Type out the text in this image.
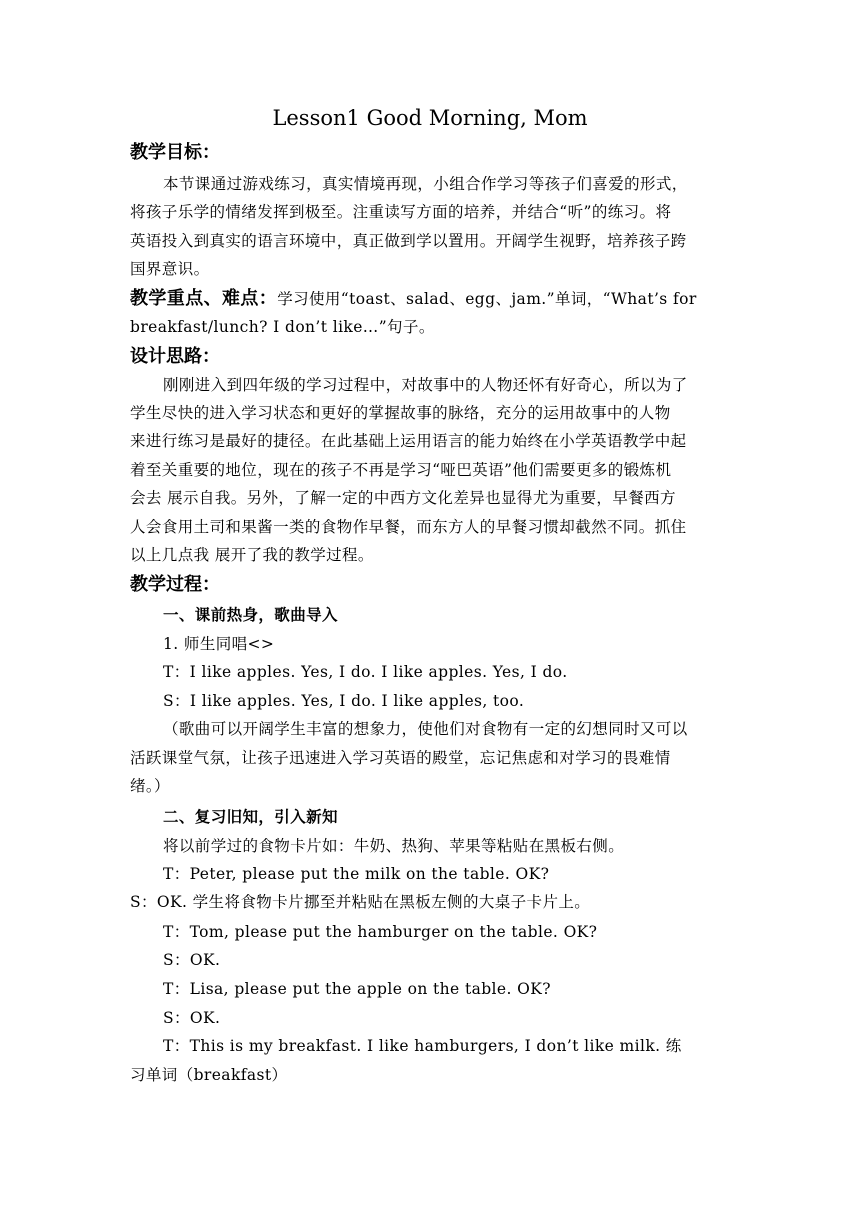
Lesson1 Good Morning, Mom
教学目标：
本节课通过游戏练习，真实情境再现，小组合作学习等孩子们喜爱的形式，
将孩子乐学的情绪发挥到极至。注重读写方面的培养，并结合“听”的练习。将
英语投入到真实的语言环境中，真正做到学以置用。开阔学生视野，培养孩子跨
国界意识。
教学重点、难点：学习使用“toast、salad、egg、jam.”单词，“What’s for
breakfast/lunch? I don’t like…”句子。
设计思路：
刚刚进入到四年级的学习过程中，对故事中的人物还怀有好奇心，所以为了
学生尽快的进入学习状态和更好的掌握故事的脉络，充分的运用故事中的人物
来进行练习是最好的捷径。在此基础上运用语言的能力始终在小学英语教学中起
着至关重要的地位，现在的孩子不再是学习“哑巴英语”他们需要更多的锻炼机
会去 展示自我。另外，了解一定的中西方文化差异也显得尤为重要，早餐西方
人会食用土司和果酱一类的食物作早餐，而东方人的早餐习惯却截然不同。抓住
以上几点我 展开了我的教学过程。
教学过程：
一、课前热身，歌曲导入
1. 师生同唱<>
T：I like apples. Yes, I do. I like apples. Yes, I do.
S：I like apples. Yes, I do. I like apples, too.
（歌曲可以开阔学生丰富的想象力，使他们对食物有一定的幻想同时又可以
活跃课堂气氛，让孩子迅速进入学习英语的殿堂，忘记焦虑和对学习的畏难情
绪。）
二、复习旧知，引入新知
将以前学过的食物卡片如：牛奶、热狗、苹果等粘贴在黑板右侧。
T：Peter, please put the milk on the table. OK?
S：OK. 学生将食物卡片挪至并粘贴在黑板左侧的大桌子卡片上。
T：Tom, please put the hamburger on the table. OK?
S：OK.
T：Lisa, please put the apple on the table. OK?
S：OK.
T：This is my breakfast. I like hamburgers, I don’t like milk. 练
习单词（breakfast）
